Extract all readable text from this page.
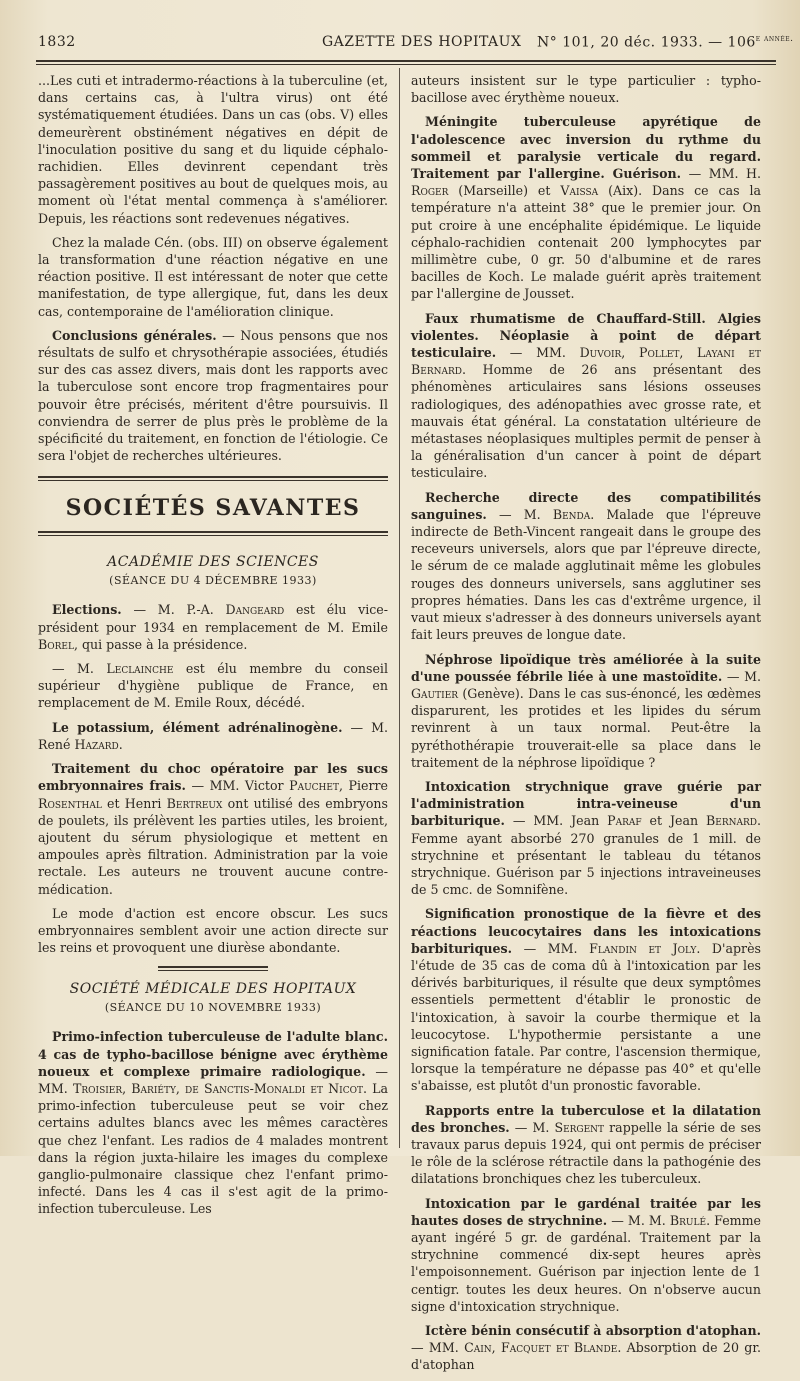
1832	GAZETTE DES HOPITAUX N° 101, 20 déc. 1933. — $106^{e année.}$

...Les cuti et intradermo-réactions à la tuberculine (et, dans certains cas, à l'ultra virus) ont été systématiquement étudiées. Dans un cas (obs. V) elles demeurèrent obstinément négatives en dépit de l'inoculation positive du sang et du liquide céphalo-rachidien. Elles devinrent cependant très passagèrement positives au bout de quelques mois, au moment où l'état mental commença à s'améliorer. Depuis, les réactions sont redevenues négatives.

Chez la malade Cén. (obs. III) on observe également la transformation d'une réaction négative en une réaction positive. Il est intéressant de noter que cette manifestation, de type allergique, fut, dans les deux cas, contemporaine de l'amélioration clinique.

Conclusions générales. — Nous pensons que nos résultats de sulfo et chrysothérapie associées, étudiés sur des cas assez divers, mais dont les rapports avec la tuberculose sont encore trop fragmentaires pour pouvoir être précisés, méritent d'être poursuivis. Il conviendra de serrer de plus près le problème de la spécificité du traitement, en fonction de l'étiologie. Ce sera l'objet de recherches ultérieures.

SOCIÉTÉS SAVANTES
ACADÉMIE DES SCIENCES
(SÉANCE DU 4 DÉCEMBRE 1933)

Elections. — M. P.-A. Dangeard est élu vice-président pour 1934 en remplacement de M. Emile Borel, qui passe à la présidence.

— M. Leclainche est élu membre du conseil supérieur d'hygiène publique de France, en remplacement de M. Emile Roux, décédé.

Le potassium, élément adrénalinogène. — M. René Hazard.

Traitement du choc opératoire par les sucs embryonnaires frais. — MM. Victor Pauchet, Pierre Rosenthal et Henri Bertreux ont utilisé des embryons de poulets, ils prélèvent les parties utiles, les broient, ajoutent du sérum physiologique et mettent en ampoules après filtration. Administration par la voie rectale. Les auteurs ne trouvent aucune contre-médication.

Le mode d'action est encore obscur. Les sucs embryonnaires semblent avoir une action directe sur les reins et provoquent une diurèse abondante.

SOCIÉTÉ MÉDICALE DES HOPITAUX
(SÉANCE DU 10 NOVEMBRE 1933)

Primo-infection tuberculeuse de l'adulte blanc. 4 cas de typho-bacillose bénigne avec érythème noueux et complexe primaire radiologique. — MM. Troisier, Bariéty, de Sanctis-Monaldi et Nicot. La primo-infection tuberculeuse peut se voir chez certains adultes blancs avec les mêmes caractères que chez l'enfant. Les radios de 4 malades montrent dans la région juxta-hilaire les images du complexe ganglio-pulmonaire classique chez l'enfant primo-infecté. Dans les 4 cas il s'est agit de la primo-infection tuberculeuse. Les

auteurs insistent sur le type particulier : typho-bacillose avec érythème noueux.

Méningite tuberculeuse apyrétique de l'adolescence avec inversion du rythme du sommeil et paralysie verticale du regard. Traitement par l'allergine. Guérison. — MM. H. Roger (Marseille) et Vaissa (Aix). Dans ce cas la température n'a atteint 38° que le premier jour. On put croire à une encéphalite épidémique. Le liquide céphalo-rachidien contenait 200 lymphocytes par millimètre cube, 0 gr. 50 d'albumine et de rares bacilles de Koch. Le malade guérit après traitement par l'allergine de Jousset.

Faux rhumatisme de Chauffard-Still. Algies violentes. Néoplasie à point de départ testiculaire. — MM. Duvoir, Pollet, Layani et Bernard. Homme de 26 ans présentant des phénomènes articulaires sans lésions osseuses radiologiques, des adénopathies avec grosse rate, et mauvais état général. La constatation ultérieure de métastases néoplasiques multiples permit de penser à la généralisation d'un cancer à point de départ testiculaire.

Recherche directe des compatibilités sanguines. — M. Benda. Malade que l'épreuve indirecte de Beth-Vincent rangeait dans le groupe des receveurs universels, alors que par l'épreuve directe, le sérum de ce malade agglutinait même les globules rouges des donneurs universels, sans agglutiner ses propres hématies. Dans les cas d'extrême urgence, il vaut mieux s'adresser à des donneurs universels ayant fait leurs preuves de longue date.

Néphrose lipoïdique très améliorée à la suite d'une poussée fébrile liée à une mastoïdite. — M. Gautier (Genève). Dans le cas sus-énoncé, les œdèmes disparurent, les protides et les lipides du sérum revinrent à un taux normal. Peut-être la pyréthothérapie trouverait-elle sa place dans le traitement de la néphrose lipoïdique ?

Intoxication strychnique grave guérie par l'administration intra-veineuse d'un barbiturique. — MM. Jean Paraf et Jean Bernard. Femme ayant absorbé 270 granules de 1 mill. de strychnine et présentant le tableau du tétanos strychnique. Guérison par 5 injections intraveineuses de 5 cmc. de Somnifène.

Signification pronostique de la fièvre et des réactions leucocytaires dans les intoxications barbituriques. — MM. Flandin et Joly. D'après l'étude de 35 cas de coma dû à l'intoxication par les dérivés barbituriques, il résulte que deux symptômes essentiels permettent d'établir le pronostic de l'intoxication, à savoir la courbe thermique et la leucocytose. L'hypothermie persistante a une signification fatale. Par contre, l'ascension thermique, lorsque la température ne dépasse pas 40° et qu'elle s'abaisse, est plutôt d'un pronostic favorable.

Rapports entre la tuberculose et la dilatation des bronches. — M. Sergent rappelle la série de ses travaux parus depuis 1924, qui ont permis de préciser le rôle de la sclérose rétractile dans la pathogénie des dilatations bronchiques chez les tuberculeux.

Intoxication par le gardénal traitée par les hautes doses de strychnine. — M. M. Brulé. Femme ayant ingéré 5 gr. de gardénal. Traitement par la strychnine commencé dix-sept heures après l'empoisonnement. Guérison par injection lente de 1 centigr. toutes les deux heures. On n'observe aucun signe d'intoxication strychnique.

Ictère bénin consécutif à absorption d'atophan. — MM. Cain, Facquet et Blande. Absorption de 20 gr. d'atophan
